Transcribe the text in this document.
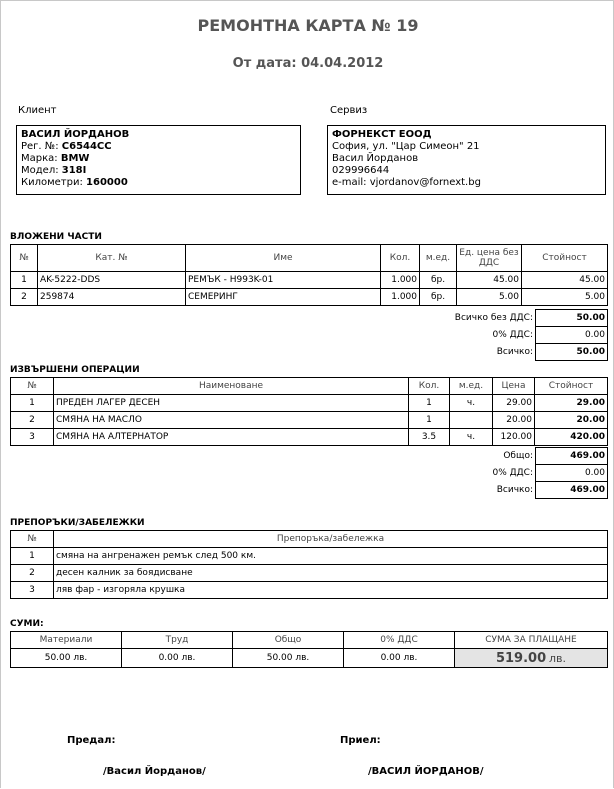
РЕМОНТНА КАРТА № 19
От дата: 04.04.2012
Клиент	Сервиз
ВАСИЛ ЙОРДАНОВ
Рег. №: С6544СС
Марка: BMW
Модел: 318I
Километри: 160000
ФОРНЕКСТ ЕООД
София, ул. "Цар Симеон" 21
Васил Йорданов
029996644
e-mail: vjordanov@fornext.bg
ВЛОЖЕНИ ЧАСТИ
№	Кат. №	Име	Кол.	м.ед.	Ед. цена без ДДС	Стойност
1	AK-5222-DDS	РЕМЪК - H993K-01	1.000	бр.	45.00	45.00
2	259874	СЕМЕРИНГ	1.000	бр.	5.00	5.00
Всичко без ДДС:	50.00
0% ДДС:	0.00
Всичко:	50.00
ИЗВЪРШЕНИ ОПЕРАЦИИ
№	Наименоване	Кол.	м.ед.	Цена	Стойност
1	ПРЕДЕН ЛАГЕР ДЕСЕН	1	ч.	29.00	29.00
2	СМЯНА НА МАСЛО	1		20.00	20.00
3	СМЯНА НА АЛТЕРНАТОР	3.5	ч.	120.00	420.00
Общо:	469.00
0% ДДС:	0.00
Всичко:	469.00
ПРЕПОРЪКИ/ЗАБЕЛЕЖКИ
№	Препоръка/забележка
1	смяна на ангренажен ремък след 500 км.
2	десен калник за боядисване
3	ляв фар - изгоряла крушка
СУМИ:
Материали	Труд	Общо	0% ДДС	СУМА ЗА ПЛАЩАНЕ
50.00 лв.	0.00 лв.	50.00 лв.	0.00 лв.	519.00 лв.
Предал:	Приел:
/Васил Йорданов/	/ВАСИЛ ЙОРДАНОВ/
